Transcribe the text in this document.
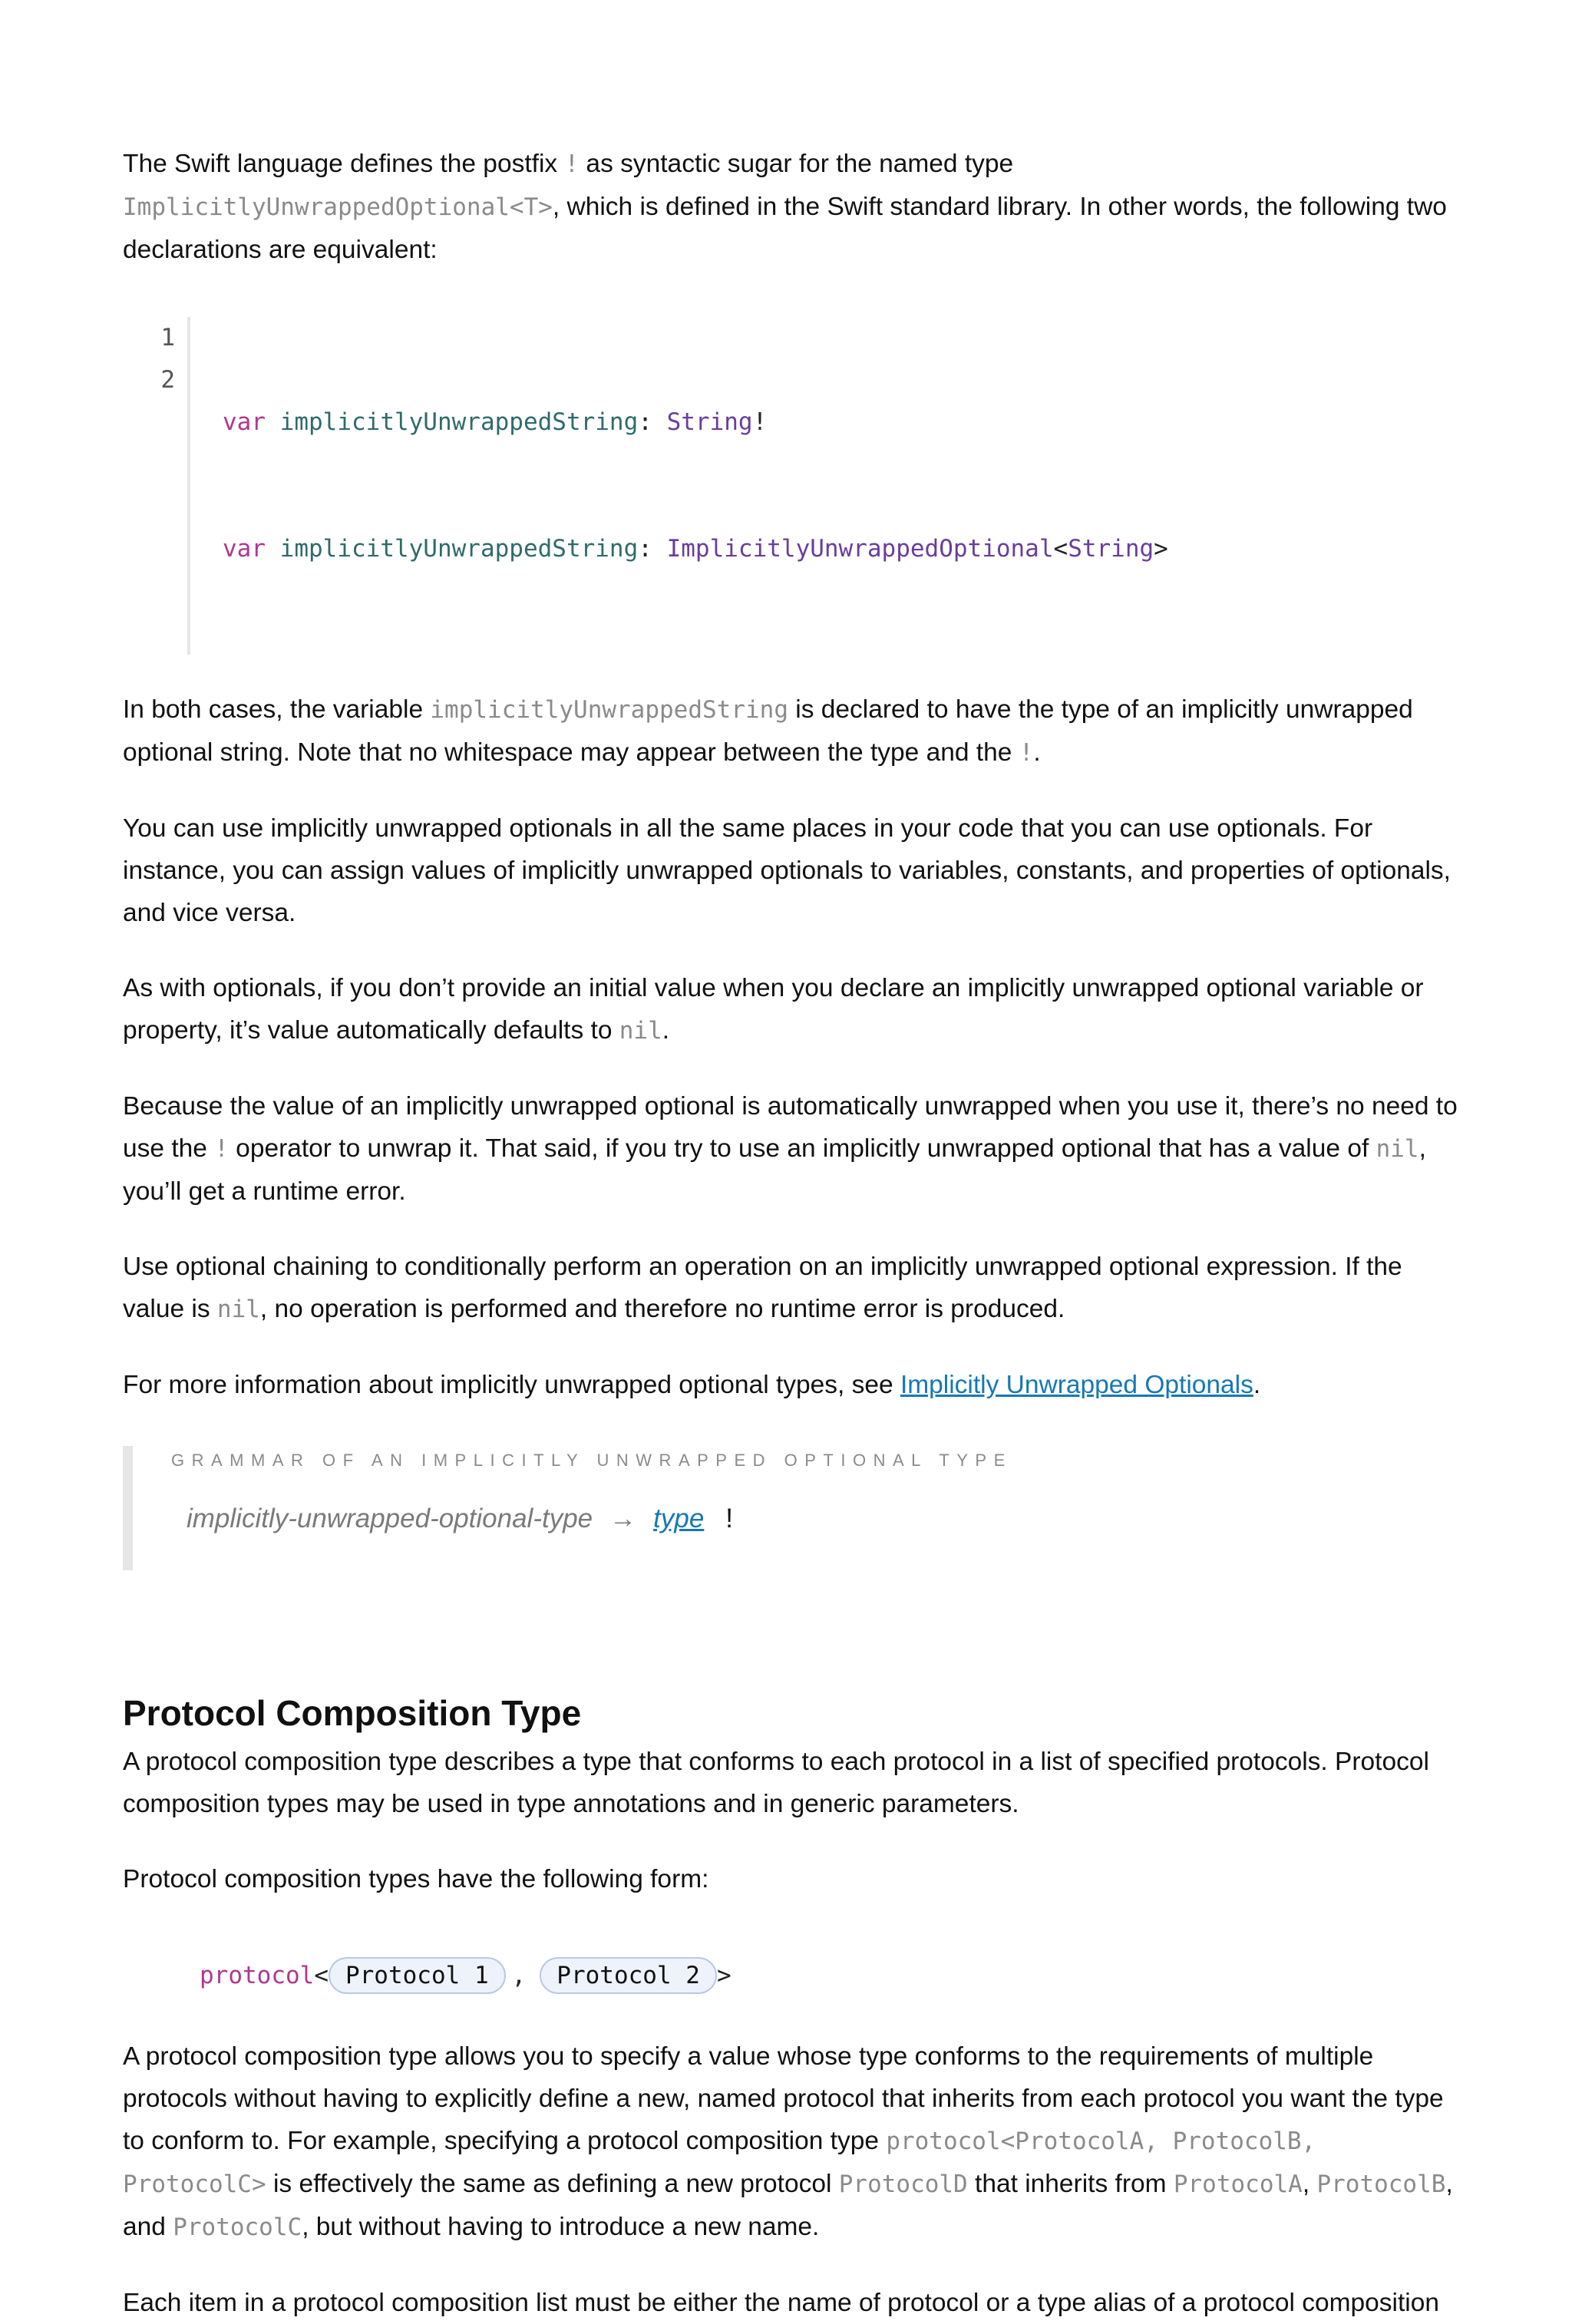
The Swift language defines the postfix ! as syntactic sugar for the named type
ImplicitlyUnwrappedOptional<T>, which is defined in the Swift standard library. In other words, the following two declarations are equivalent:

1
2

var implicitlyUnwrappedString: String!

var implicitlyUnwrappedString: ImplicitlyUnwrappedOptional<String>

In both cases, the variable implicitlyUnwrappedString is declared to have the type of an implicitly unwrapped optional string. Note that no whitespace may appear between the type and the !.

You can use implicitly unwrapped optionals in all the same places in your code that you can use optionals. For instance, you can assign values of implicitly unwrapped optionals to variables, constants, and properties of optionals, and vice versa.

As with optionals, if you don’t provide an initial value when you declare an implicitly unwrapped optional variable or property, it’s value automatically defaults to nil.

Because the value of an implicitly unwrapped optional is automatically unwrapped when you use it, there’s no need to use the ! operator to unwrap it. That said, if you try to use an implicitly unwrapped optional that has a value of nil, you’ll get a runtime error.

Use optional chaining to conditionally perform an operation on an implicitly unwrapped optional expression. If the value is nil, no operation is performed and therefore no runtime error is produced.

For more information about implicitly unwrapped optional types, see Implicitly Unwrapped Optionals.

GRAMMAR OF AN IMPLICITLY UNWRAPPED OPTIONAL TYPE
implicitly-unwrapped-optional-type → type !
Protocol Composition Type

A protocol composition type describes a type that conforms to each protocol in a list of specified protocols. Protocol composition types may be used in type annotations and in generic parameters.

Protocol composition types have the following form:

protocol < Protocol 1 ,	Protocol 2 >

A protocol composition type allows you to specify a value whose type conforms to the requirements of multiple protocols without having to explicitly define a new, named protocol that inherits from each protocol you want the type to conform to. For example, specifying a protocol composition type protocol<ProtocolA, ProtocolB, ProtocolC> is effectively the same as defining a new protocol ProtocolD that inherits from ProtocolA, ProtocolB, and ProtocolC, but without having to introduce a new name.

Each item in a protocol composition list must be either the name of protocol or a type alias of a protocol composition
